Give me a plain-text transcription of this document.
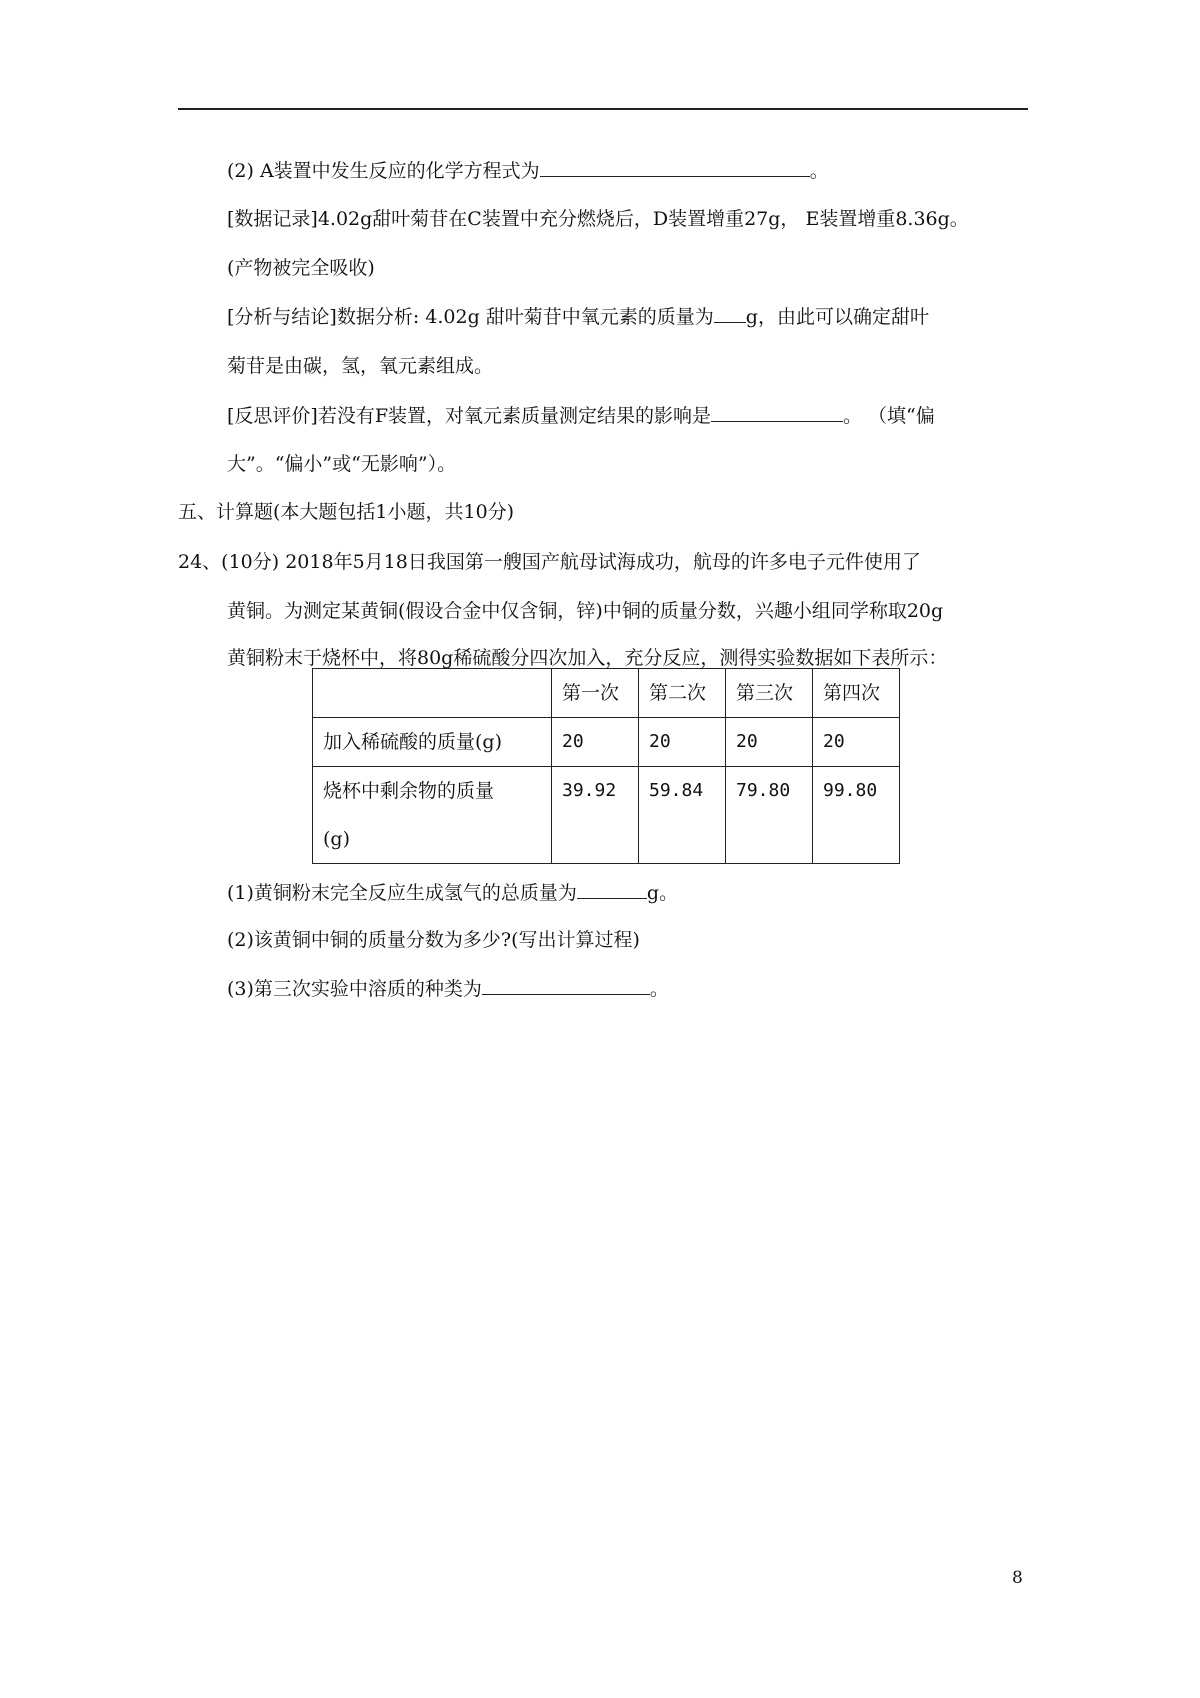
(2) A装置中发生反应的化学方程式为	。
[数据记录]4.02g甜叶菊苷在C装置中充分燃烧后，D装置增重27g， E装置增重8.36g。
(产物被完全吸收)
[分析与结论]数据分析: 4.02g 甜叶菊苷中氧元素的质量为 g，由此可以确定甜叶
菊苷是由碳，氢，氧元素组成。
[反思评价]若没有F装置，对氧元素质量测定结果的影响是	。 （填“偏
大”。“偏小”或“无影响”）。
五、计算题(本大题包括1小题，共10分)
24、(10分) 2018年5月18日我国第一艘国产航母试海成功，航母的许多电子元件使用了
黄铜。为测定某黄铜(假设合金中仅含铜，锌)中铜的质量分数，兴趣小组同学称取20g
黄铜粉末于烧杯中，将80g稀硫酸分四次加入，充分反应，测得实验数据如下表所示：
	第一次	第二次	第三次	第四次
加入稀硫酸的质量(g)	20	20	20	20

烧杯中剩余物的质量
(g)	39.92	59.84	79.80	99.80
(1)黄铜粉末完全反应生成氢气的总质量为	g。
(2)该黄铜中铜的质量分数为多少?(写出计算过程)
(3)第三次实验中溶质的种类为	。
8
